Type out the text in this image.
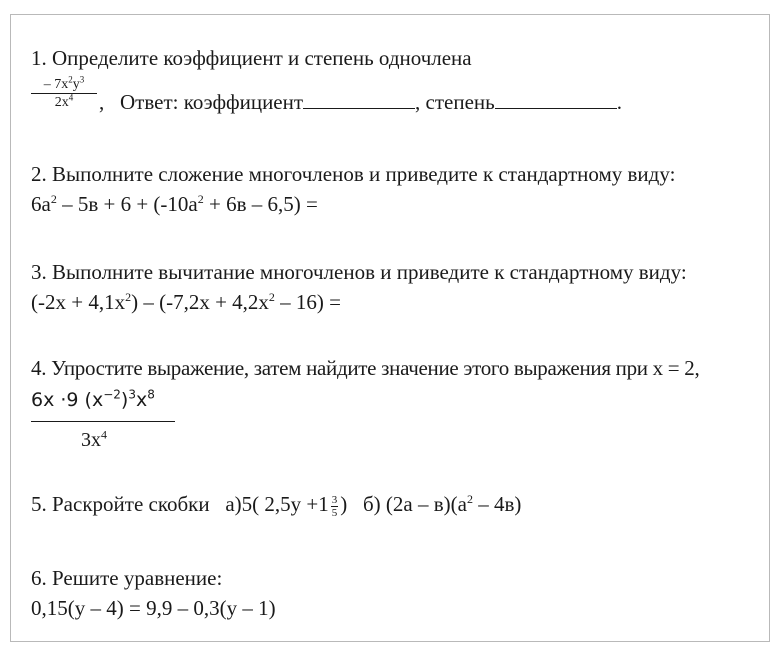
1. Определите коэффициент и степень одночлена
$\frac{- 7x^2y^3}{2x^4}$ , Ответ: коэффициент	, степень	.
2. Выполните сложение многочленов и приведите к стандартному виду:
$6a^2 - 5в + 6 + (-10a^2 + 6в - 6,5)$ =
3. Выполните вычитание многочленов и приведите к стандартному виду:
$(-2x + 4,1x^2) - (-7,2x + 4,2x^2 - 16)$ =
4. Упростите выражение, затем найдите значение этого выражения при x = 2,
6x ·9 $(x^{-2})^3x^8$
$3x^4$
5. Раскройте скобки a)5( $2,5y +1 \frac{3}{5}$ ) б) $(2a - в)(a^2 - 4в)$
6. Решите уравнение:
0,15(y – 4) = 9,9 – 0,3(y – 1)
